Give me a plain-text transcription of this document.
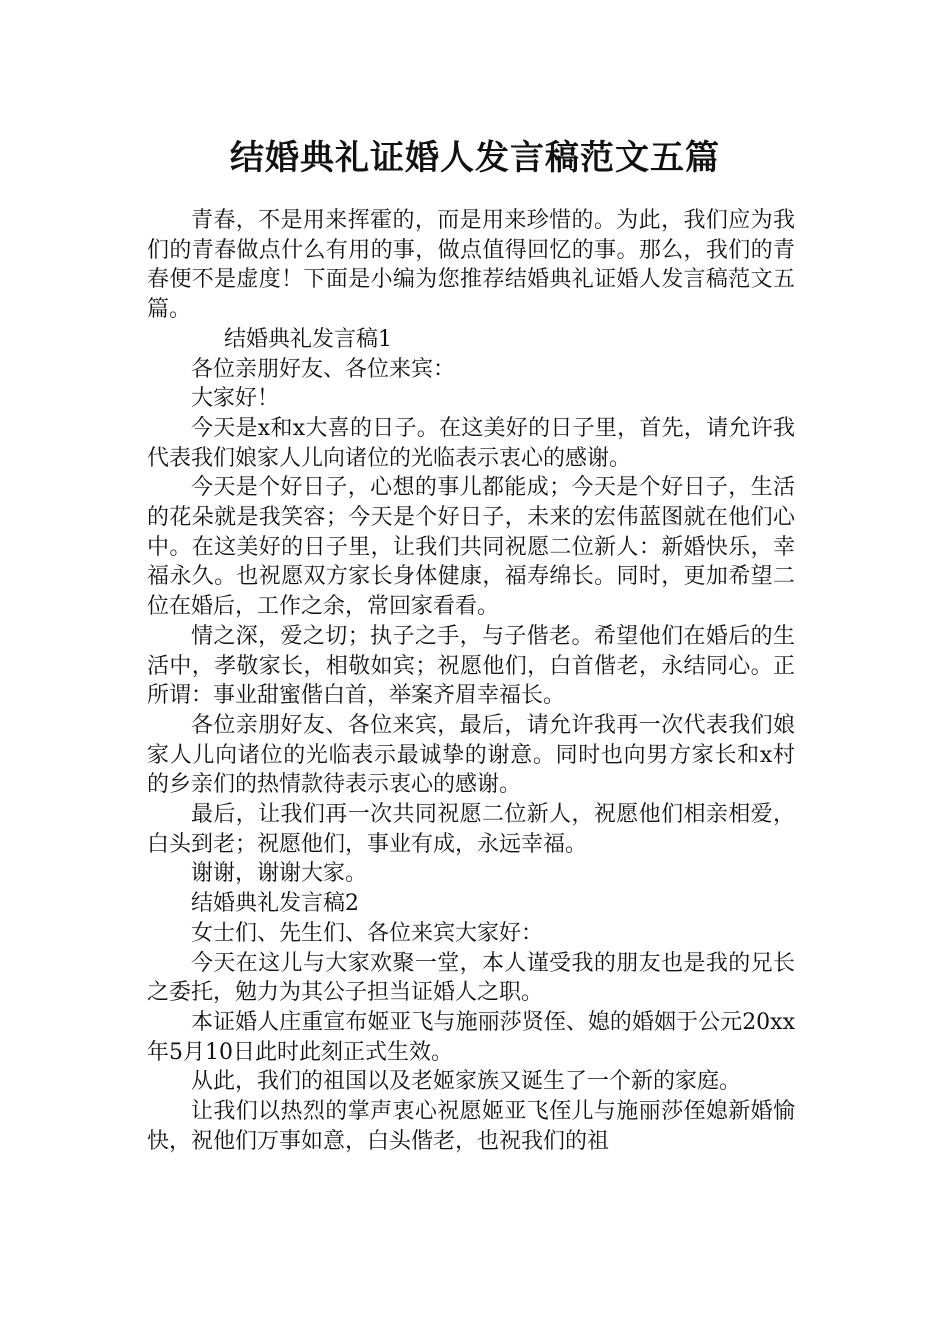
结婚典礼证婚人发言稿范文五篇

青春，不是用来挥霍的，而是用来珍惜的。为此，我们应为我们的青春做点什么有用的事，做点值得回忆的事。那么，我们的青春便不是虚度！下面是小编为您推荐结婚典礼证婚人发言稿范文五篇。

结婚典礼发言稿1

各位亲朋好友、各位来宾：

大家好！

今天是x和x大喜的日子。在这美好的日子里，首先，请允许我代表我们娘家人儿向诸位的光临表示衷心的感谢。

今天是个好日子，心想的事儿都能成；今天是个好日子，生活的花朵就是我笑容；今天是个好日子，未来的宏伟蓝图就在他们心中。在这美好的日子里，让我们共同祝愿二位新人：新婚快乐，幸福永久。也祝愿双方家长身体健康，福寿绵长。同时，更加希望二位在婚后，工作之余，常回家看看。

情之深，爱之切；执子之手，与子偕老。希望他们在婚后的生活中，孝敬家长，相敬如宾；祝愿他们，白首偕老，永结同心。正所谓：事业甜蜜偕白首，举案齐眉幸福长。

各位亲朋好友、各位来宾，最后，请允许我再一次代表我们娘家人儿向诸位的光临表示最诚挚的谢意。同时也向男方家长和x村的乡亲们的热情款待表示衷心的感谢。

最后，让我们再一次共同祝愿二位新人，祝愿他们相亲相爱，白头到老；祝愿他们，事业有成，永远幸福。

谢谢，谢谢大家。

结婚典礼发言稿2

女士们、先生们、各位来宾大家好：

今天在这儿与大家欢聚一堂，本人谨受我的朋友也是我的兄长之委托，勉力为其公子担当证婚人之职。

本证婚人庄重宣布姬亚飞与施丽莎贤侄、媳的婚姻于公元20xx年5月10日此时此刻正式生效。

从此，我们的祖国以及老姬家族又诞生了一个新的家庭。

让我们以热烈的掌声衷心祝愿姬亚飞侄儿与施丽莎侄媳新婚愉快，祝他们万事如意，白头偕老，也祝我们的祖
